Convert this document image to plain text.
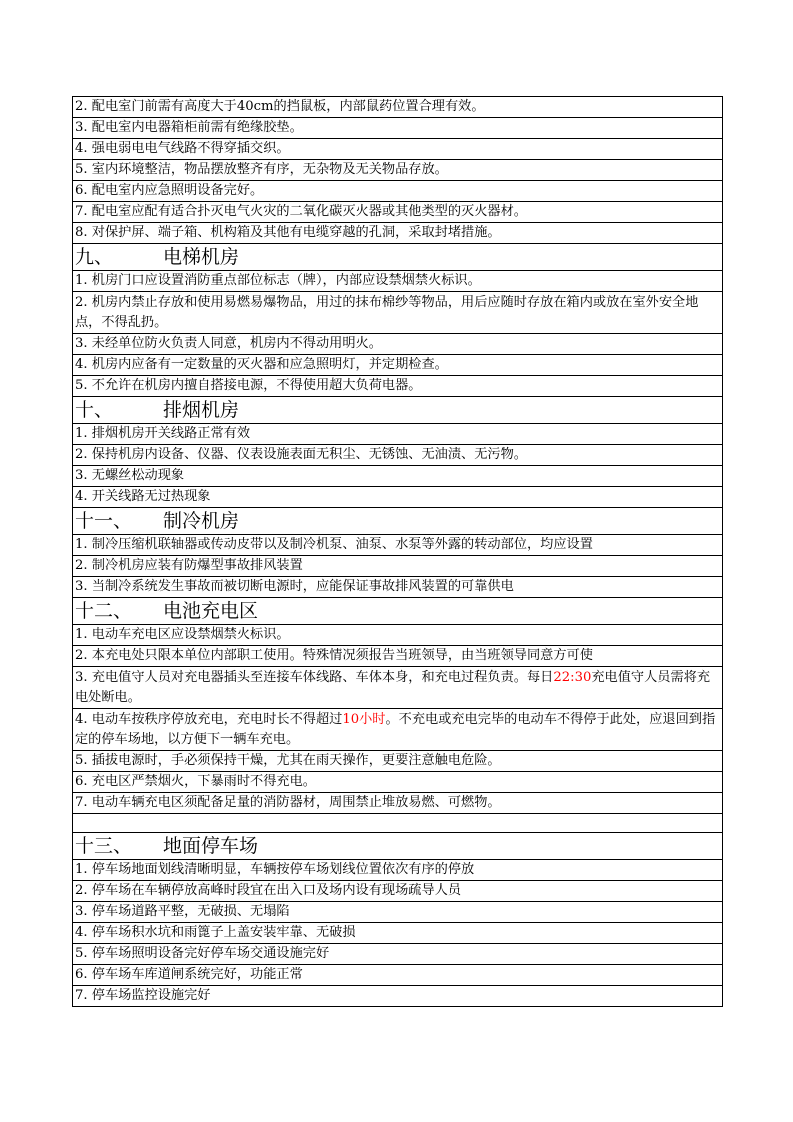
2. 配电室门前需有高度大于40cm的挡鼠板，内部鼠药位置合理有效。
3. 配电室内电器箱柜前需有绝缘胶垫。
4. 强电弱电电气线路不得穿插交织。
5. 室内环境整洁，物品摆放整齐有序，无杂物及无关物品存放。
6. 配电室内应急照明设备完好。
7. 配电室应配有适合扑灭电气火灾的二氧化碳灭火器或其他类型的灭火器材。
8. 对保护屏、端子箱、机构箱及其他有电缆穿越的孔洞，采取封堵措施。
九、	电梯机房
1. 机房门口应设置消防重点部位标志（牌），内部应设禁烟禁火标识。
2. 机房内禁止存放和使用易燃易爆物品，用过的抹布棉纱等物品，用后应随时存放在箱内或放在室外安全地点，不得乱扔。
3. 未经单位防火负责人同意，机房内不得动用明火。
4. 机房内应备有一定数量的灭火器和应急照明灯，并定期检查。
5. 不允许在机房内擅自搭接电源，不得使用超大负荷电器。
十、	排烟机房
1. 排烟机房开关线路正常有效
2. 保持机房内设备、仪器、仪表设施表面无积尘、无锈蚀、无油渍、无污物。
3. 无螺丝松动现象
4. 开关线路无过热现象
十一、 制冷机房
1. 制冷压缩机联轴器或传动皮带以及制冷机泵、油泵、水泵等外露的转动部位，均应设置
2. 制冷机房应装有防爆型事故排风装置
3. 当制冷系统发生事故而被切断电源时，应能保证事故排风装置的可靠供电
十二、 电池充电区
1. 电动车充电区应设禁烟禁火标识。
2. 本充电处只限本单位内部职工使用。特殊情况须报告当班领导，由当班领导同意方可使
3. 充电值守人员对充电器插头至连接车体线路、车体本身，和充电过程负责。每日22:30充电值守人员需将充电处断电。
4. 电动车按秩序停放充电，充电时长不得超过10小时。不充电或充电完毕的电动车不得停于此处，应退回到指定的停车场地，以方便下一辆车充电。
5. 插拔电源时，手必须保持干燥，尤其在雨天操作，更要注意触电危险。
6. 充电区严禁烟火，下暴雨时不得充电。
7. 电动车辆充电区须配备足量的消防器材，周围禁止堆放易燃、可燃物。

十三、 地面停车场
1. 停车场地面划线清晰明显，车辆按停车场划线位置依次有序的停放
2. 停车场在车辆停放高峰时段宜在出入口及场内设有现场疏导人员
3. 停车场道路平整，无破损、无塌陷
4. 停车场积水坑和雨篦子上盖安装牢靠、无破损
5. 停车场照明设备完好停车场交通设施完好
6. 停车场车库道闸系统完好，功能正常
7. 停车场监控设施完好
